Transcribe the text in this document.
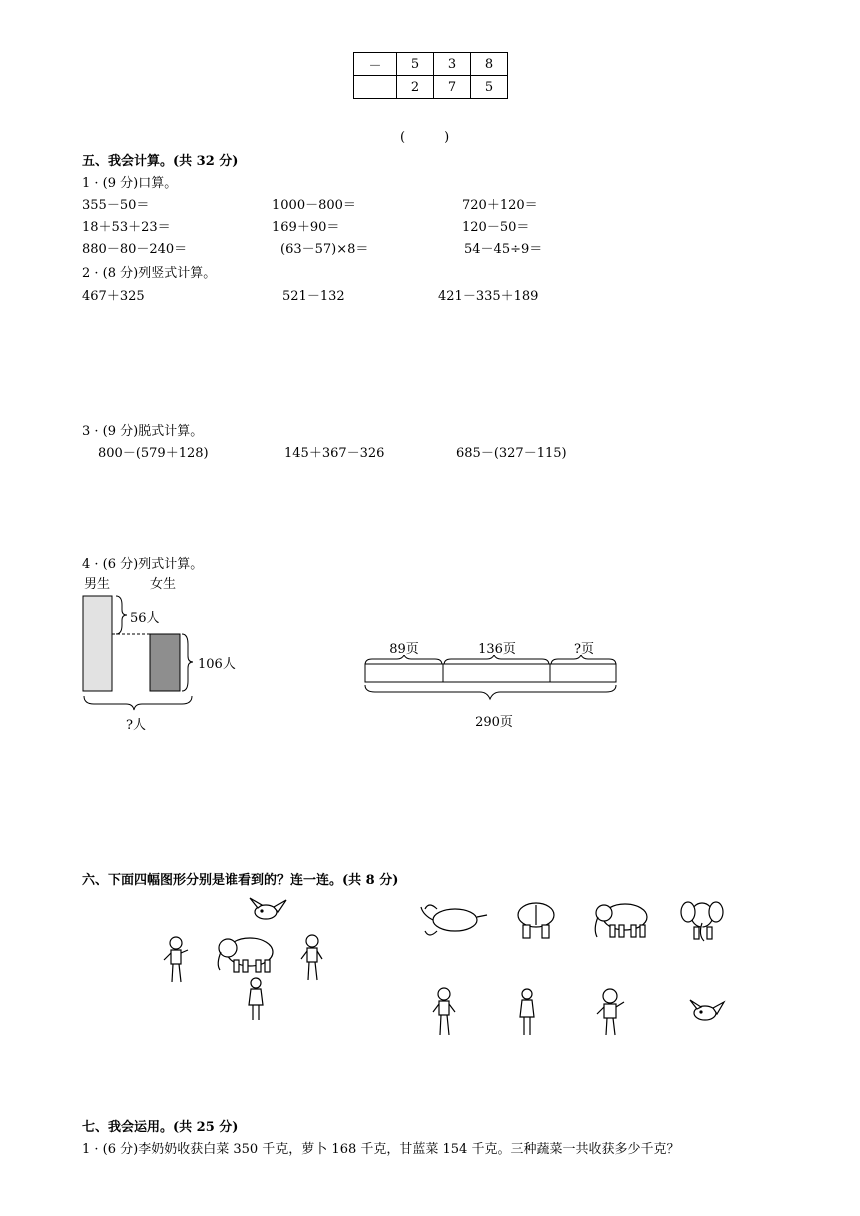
－	5	3	8
	2	7	5
(　　　)
五、我会计算。(共 32 分)
1 · (9 分)口算。
355－50＝	1000－800＝	720＋120＝
18＋53＋23＝	169＋90＝	120－50＝
880－80－240＝	(63－57)×8＝	54－45÷9＝
2 · (8 分)列竖式计算。
467＋325	521－132	421－335＋189
3 · (9 分)脱式计算。
800－(579＋128)	145＋367－326	685－(327－115)
4 · (6 分)列式计算。
男生	女生
56人
106人
?人
89页	136页	?页
290页
六、下面四幅图形分别是谁看到的？连一连。(共 8 分)
七、我会运用。(共 25 分)
1 · (6 分)李奶奶收获白菜 350 千克，萝卜 168 千克，甘蓝菜 154 千克。三种蔬菜一共收获多少千克？
